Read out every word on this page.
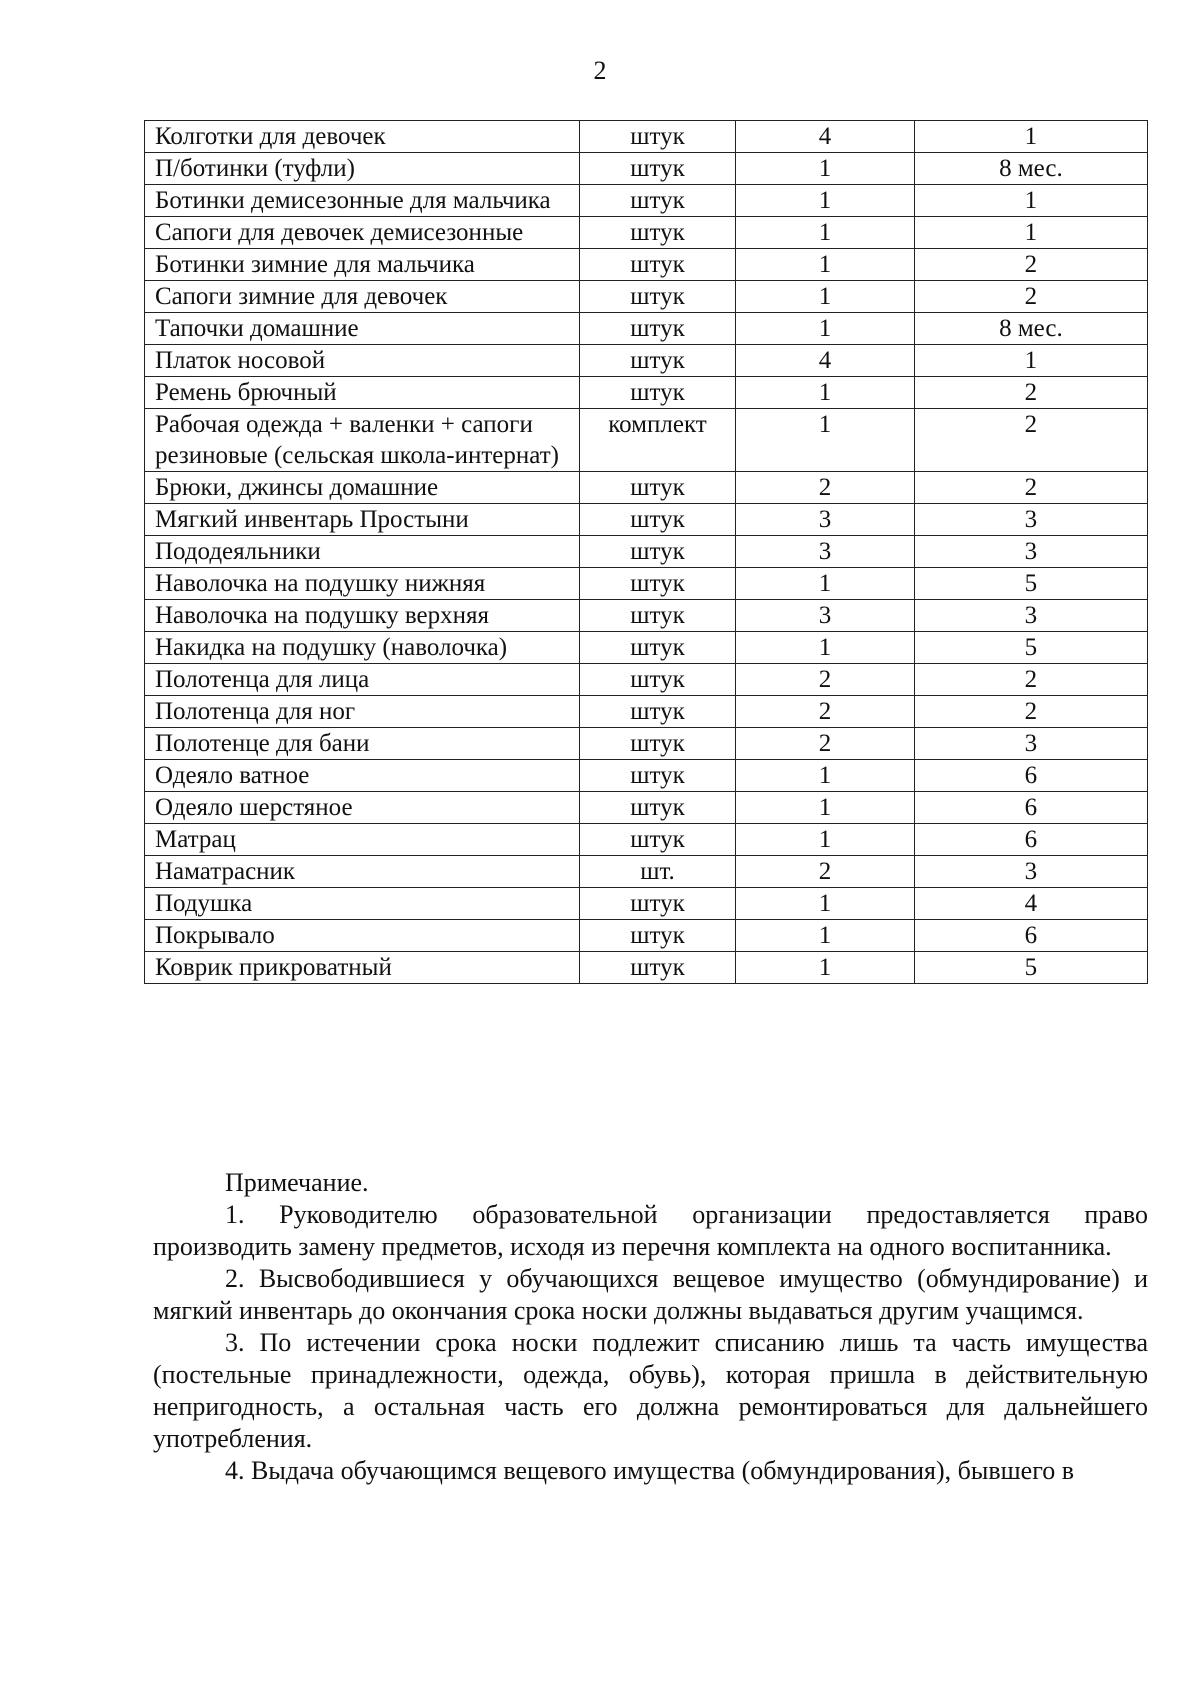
2
Колготки для девочек	штук	4	1
П/ботинки (туфли)	штук	1	8 мес.
Ботинки демисезонные для мальчика	штук	1	1
Сапоги для девочек демисезонные	штук	1	1
Ботинки зимние для мальчика	штук	1	2
Сапоги зимние для девочек	штук	1	2
Тапочки домашние	штук	1	8 мес.
Платок носовой	штук	4	1
Ремень брючный	штук	1	2
Рабочая одежда + валенки + сапоги резиновые (сельская школа-интернат)	комплект	1	2
Брюки, джинсы домашние	штук	2	2
Мягкий инвентарь Простыни	штук	3	3
Пододеяльники	штук	3	3
Наволочка на подушку нижняя	штук	1	5
Наволочка на подушку верхняя	штук	3	3
Накидка на подушку (наволочка)	штук	1	5
Полотенца для лица	штук	2	2
Полотенца для ног	штук	2	2
Полотенце для бани	штук	2	3
Одеяло ватное	штук	1	6
Одеяло шерстяное	штук	1	6
Матрац	штук	1	6
Наматрасник	шт.	2	3
Подушка	штук	1	4
Покрывало	штук	1	6
Коврик прикроватный	штук	1	5
Примечание.

1. Руководителю образовательной организации предоставляется право производить замену предметов, исходя из перечня комплекта на одного воспитанника.

2. Высвободившиеся у обучающихся вещевое имущество (обмундирование) и мягкий инвентарь до окончания срока носки должны выдаваться другим учащимся.

3. По истечении срока носки подлежит списанию лишь та часть имущества (постельные принадлежности, одежда, обувь), которая пришла в действительную непригодность, а остальная часть его должна ремонтироваться для дальнейшего употребления.

4. Выдача обучающимся вещевого имущества (обмундирования), бывшего в
